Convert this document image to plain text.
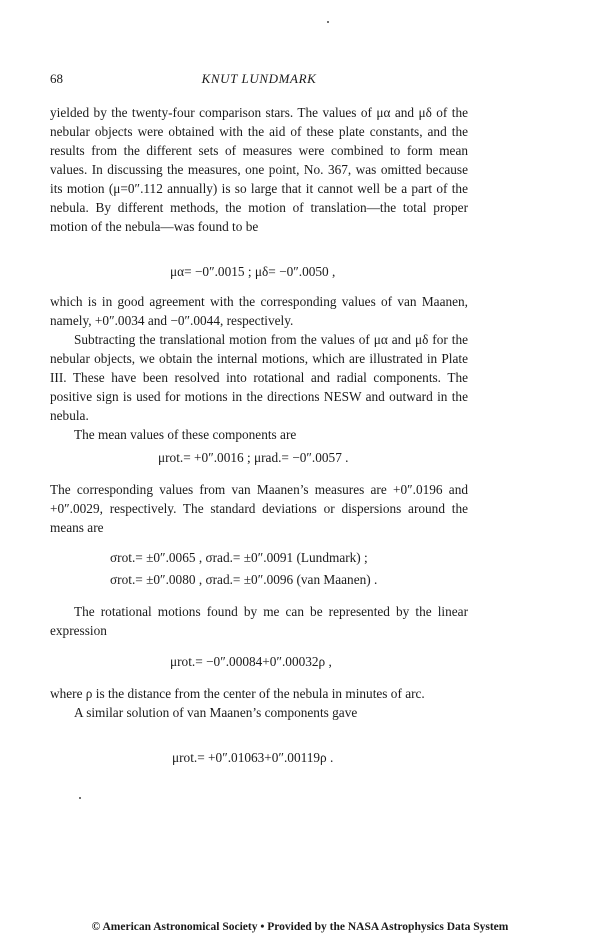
68	KNUT LUNDMARK

yielded by the twenty-four comparison stars. The values of μα and μδ of the nebular objects were obtained with the aid of these plate constants, and the results from the different sets of measures were combined to form mean values. In discussing the measures, one point, No. 367, was omitted because its motion (μ=0″.112 annually) is so large that it cannot well be a part of the nebula. By different methods, the motion of translation—the total proper motion of the nebula—was found to be

μα= −0″.0015 ; μδ= −0″.0050 ,

which is in good agreement with the corresponding values of van Maanen, namely, +0″.0034 and −0″.0044, respectively.

Subtracting the translational motion from the values of μα and μδ for the nebular objects, we obtain the internal motions, which are illustrated in Plate III. These have been resolved into rotational and radial components. The positive sign is used for motions in the directions NESW and outward in the nebula.

The mean values of these components are

μrot.= +0″.0016 ; μrad.= −0″.0057 .

The corresponding values from van Maanen’s measures are +0″.0196 and +0″.0029, respectively. The standard deviations or dispersions around the means are

σrot.= ±0″.0065 , σrad.= ±0″.0091 (Lundmark) ;
σrot.= ±0″.0080 , σrad.= ±0″.0096 (van Maanen) .

The rotational motions found by me can be represented by the linear expression

μrot.= −0″.00084+0″.00032ρ ,

where ρ is the distance from the center of the nebula in minutes of arc.

A similar solution of van Maanen’s components gave

μrot.= +0″.01063+0″.00119ρ .
© American Astronomical Society • Provided by the NASA Astrophysics Data System
